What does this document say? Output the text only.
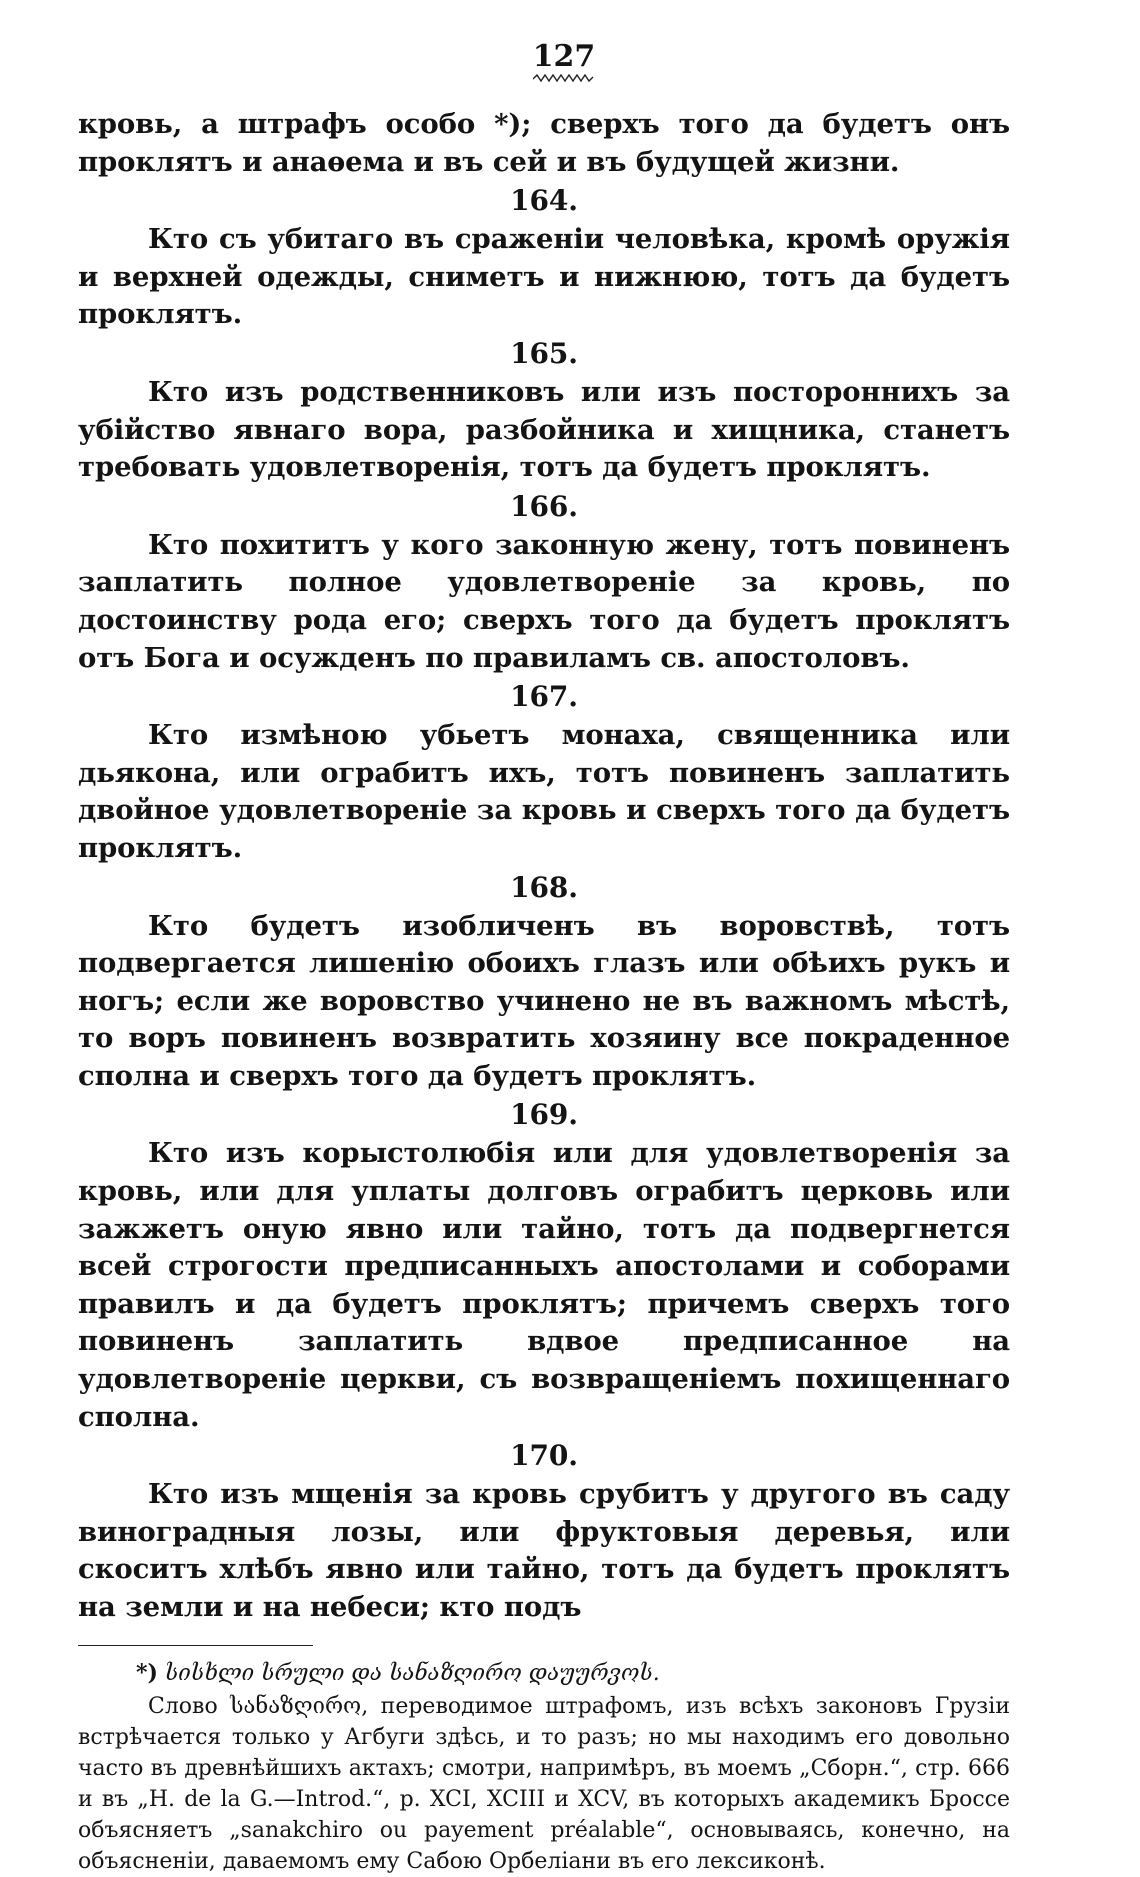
127

кровь, а штрафъ особо *); сверхъ того да будетъ онъ проклятъ и анаѳема и въ сей и въ будущей жизни.

164.

Кто съ убитаго въ сраженіи человѣка, кромѣ оружія и верхней одежды, сниметъ и нижнюю, тотъ да будетъ проклятъ.

165.

Кто изъ родственниковъ или изъ постороннихъ за убійство явнаго вора, разбойника и хищника, станетъ требовать удовлетворенія, тотъ да будетъ проклятъ.

166.

Кто похититъ у кого законную жену, тотъ повиненъ заплатить полное удовлетвореніе за кровь, по достоинству рода его; сверхъ того да будетъ проклятъ отъ Бога и осужденъ по правиламъ св. апостоловъ.

167.

Кто измѣною убьетъ монаха, священника или дьякона, или ограбитъ ихъ, тотъ повиненъ заплатить двойное удовлетвореніе за кровь и сверхъ того да будетъ проклятъ.

168.

Кто будетъ изобличенъ въ воровствѣ, тотъ подвергается лишенію обоихъ глазъ или обѣихъ рукъ и ногъ; если же воровство учинено не въ важномъ мѣстѣ, то воръ повиненъ возвратить хозяину все покраденное сполна и сверхъ того да будетъ проклятъ.

169.

Кто изъ корыстолюбія или для удовлетворенія за кровь, или для уплаты долговъ ограбитъ церковь или зажжетъ оную явно или тайно, тотъ да подвергнется всей строгости предписанныхъ апостолами и соборами правилъ и да будетъ проклятъ; причемъ сверхъ того повиненъ заплатить вдвое предписанное на удовлетвореніе церкви, съ возвращеніемъ похищеннаго сполна.

170.

Кто изъ мщенія за кровь срубитъ у другого въ саду виноградныя лозы, или фруктовыя деревья, или скоситъ хлѣбъ явно или тайно, тотъ да будетъ проклятъ на земли и на небеси; кто подъ

*) სისხლი სრული და სანაზღირო დაუურვოს.

Слово სანაზღირო, переводимое штрафомъ, изъ всѣхъ законовъ Грузіи встрѣчается только у Агбуги здѣсь, и то разъ; но мы находимъ его довольно часто въ древнѣйшихъ актахъ; смотри, напримѣръ, въ моемъ „Сборн.“, стр. 666 и въ „H. de la G.—Introd.“, p. XCI, XCIII и XCV, въ которыхъ академикъ Броссе объясняетъ „sanakchiro ou payement préalable“, основываясь, конечно, на объясненіи, даваемомъ ему Сабою Орбеліани въ его лексиконѣ.
